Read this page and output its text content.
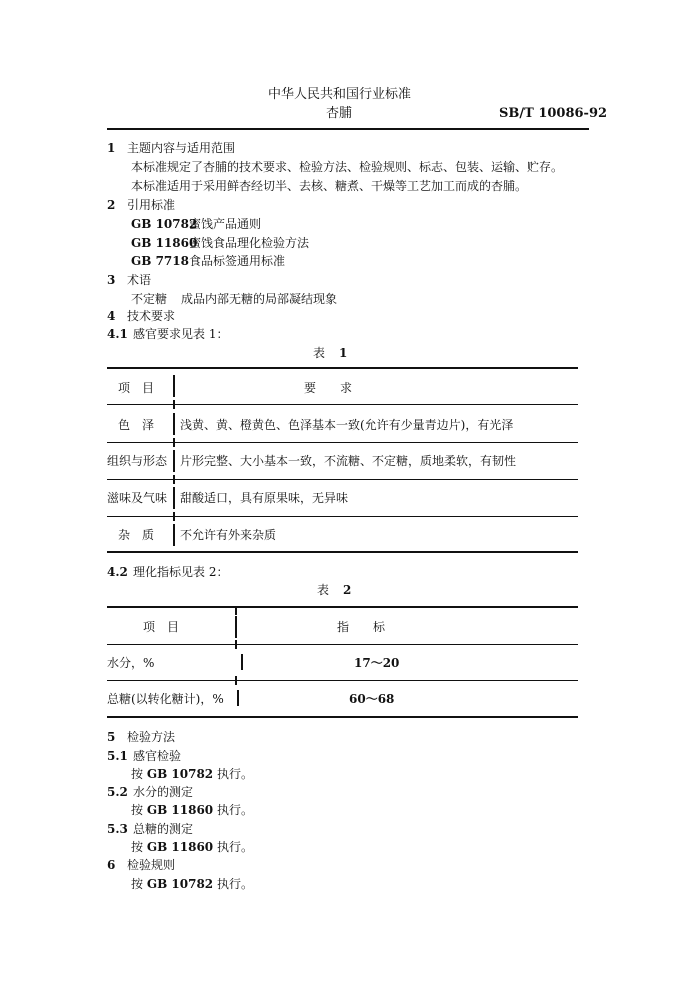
中华人民共和国行业标准
杏脯	SB/T 10086-92
1 主题内容与适用范围
本标准规定了杏脯的技术要求、检验方法、检验规则、标志、包装、运输、贮存。
本标准适用于采用鲜杏经切半、去核、糖煮、干燥等工艺加工而成的杏脯。
2 引用标准
GB 10782蜜饯产品通则
GB 11860蜜饯食品理化检验方法
GB 7718食品标签通用标准
3 术语
不定糖 成品内部无糖的局部凝结现象
4 技术要求
4.1 感官要求见表 1：
表 1
项　目	要　　求
色　泽 浅黄、黄、橙黄色、色泽基本一致(允许有少量青边片)，有光泽
组织与形态 片形完整、大小基本一致，不流糖、不定糖，质地柔软，有韧性
滋味及气味 甜酸适口，具有原果味，无异味
杂　质 不允许有外来杂质
4.2 理化指标见表 2：
表 2
项　目	指　　标
水分，%	17～20
总糖(以转化糖计)，%	60～68
5 检验方法
5.1 感官检验
按 GB 10782 执行。
5.2 水分的测定
按 GB 11860 执行。
5.3 总糖的测定
按 GB 11860 执行。
6 检验规则
按 GB 10782 执行。
